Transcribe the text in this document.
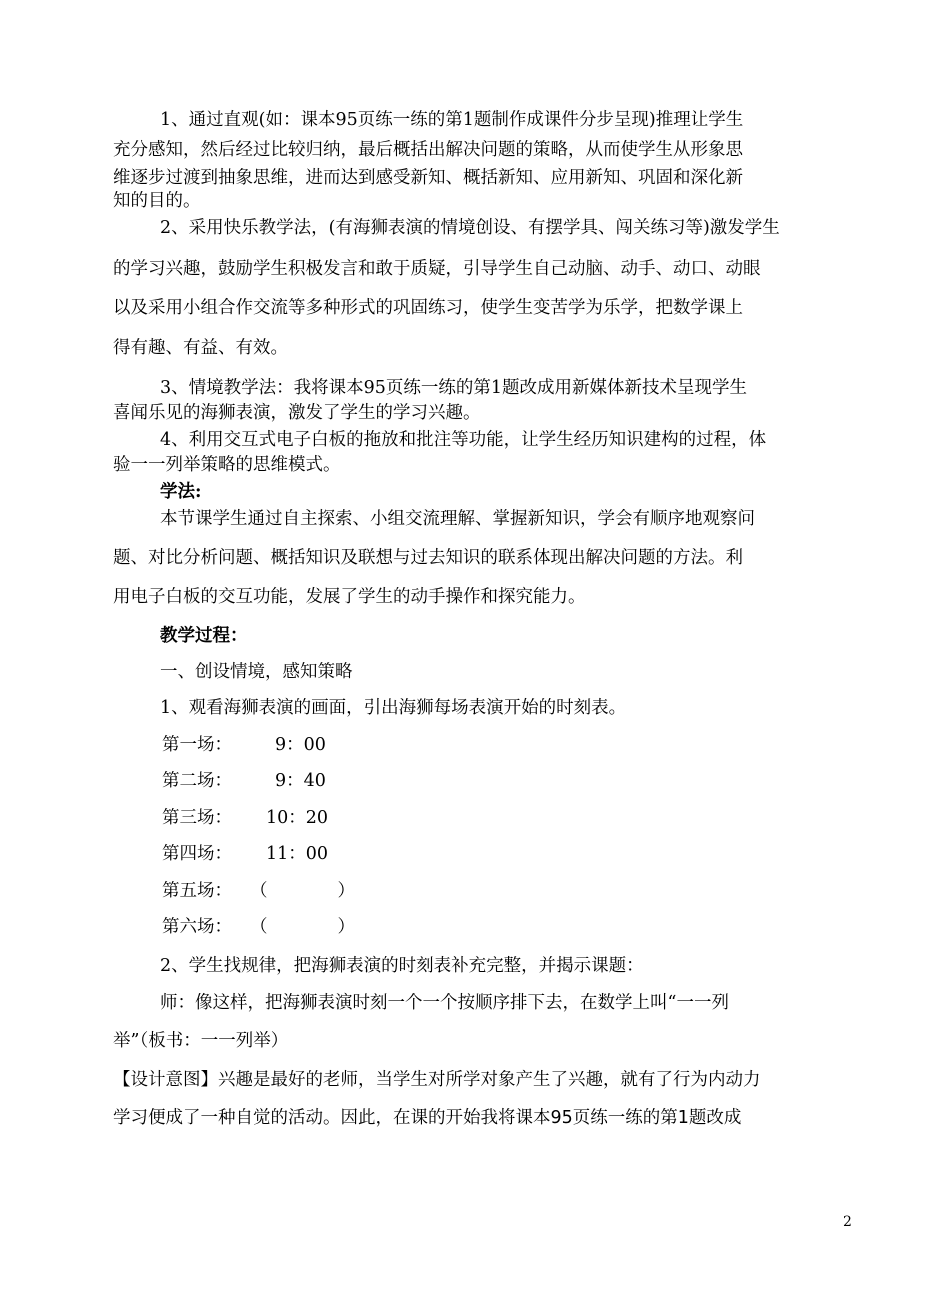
1、通过直观(如：课本95页练一练的第1题制作成课件分步呈现)推理让学生
充分感知，然后经过比较归纳，最后概括出解决问题的策略，从而使学生从形象思
维逐步过渡到抽象思维，进而达到感受新知、概括新知、应用新知、巩固和深化新
知的目的。
2、采用快乐教学法，(有海狮表演的情境创设、有摆学具、闯关练习等)激发学生
的学习兴趣，鼓励学生积极发言和敢于质疑，引导学生自己动脑、动手、动口、动眼
以及采用小组合作交流等多种形式的巩固练习，使学生变苦学为乐学，把数学课上
得有趣、有益、有效。
3、情境教学法：我将课本95页练一练的第1题改成用新媒体新技术呈现学生
喜闻乐见的海狮表演，激发了学生的学习兴趣。
4、利用交互式电子白板的拖放和批注等功能，让学生经历知识建构的过程，体
验一一列举策略的思维模式。
学法:
本节课学生通过自主探索、小组交流理解、掌握新知识，学会有顺序地观察问
题、对比分析问题、概括知识及联想与过去知识的联系体现出解决问题的方法。利
用电子白板的交互功能，发展了学生的动手操作和探究能力。
教学过程：
一、创设情境，感知策略
1、观看海狮表演的画面，引出海狮每场表演开始的时刻表。
第一场： 9：00
第二场： 9：40
第三场： 10：20
第四场： 11：00
第五场： （　　　　）
第六场： （　　　　）
2、学生找规律，把海狮表演的时刻表补充完整，并揭示课题：
师：像这样，把海狮表演时刻一个一个按顺序排下去，在数学上叫“一一列
举”（板书：一一列举）
【设计意图】兴趣是最好的老师，当学生对所学对象产生了兴趣，就有了行为内动力
学习便成了一种自觉的活动。因此，在课的开始我将课本95页练一练的第1题改成
2
